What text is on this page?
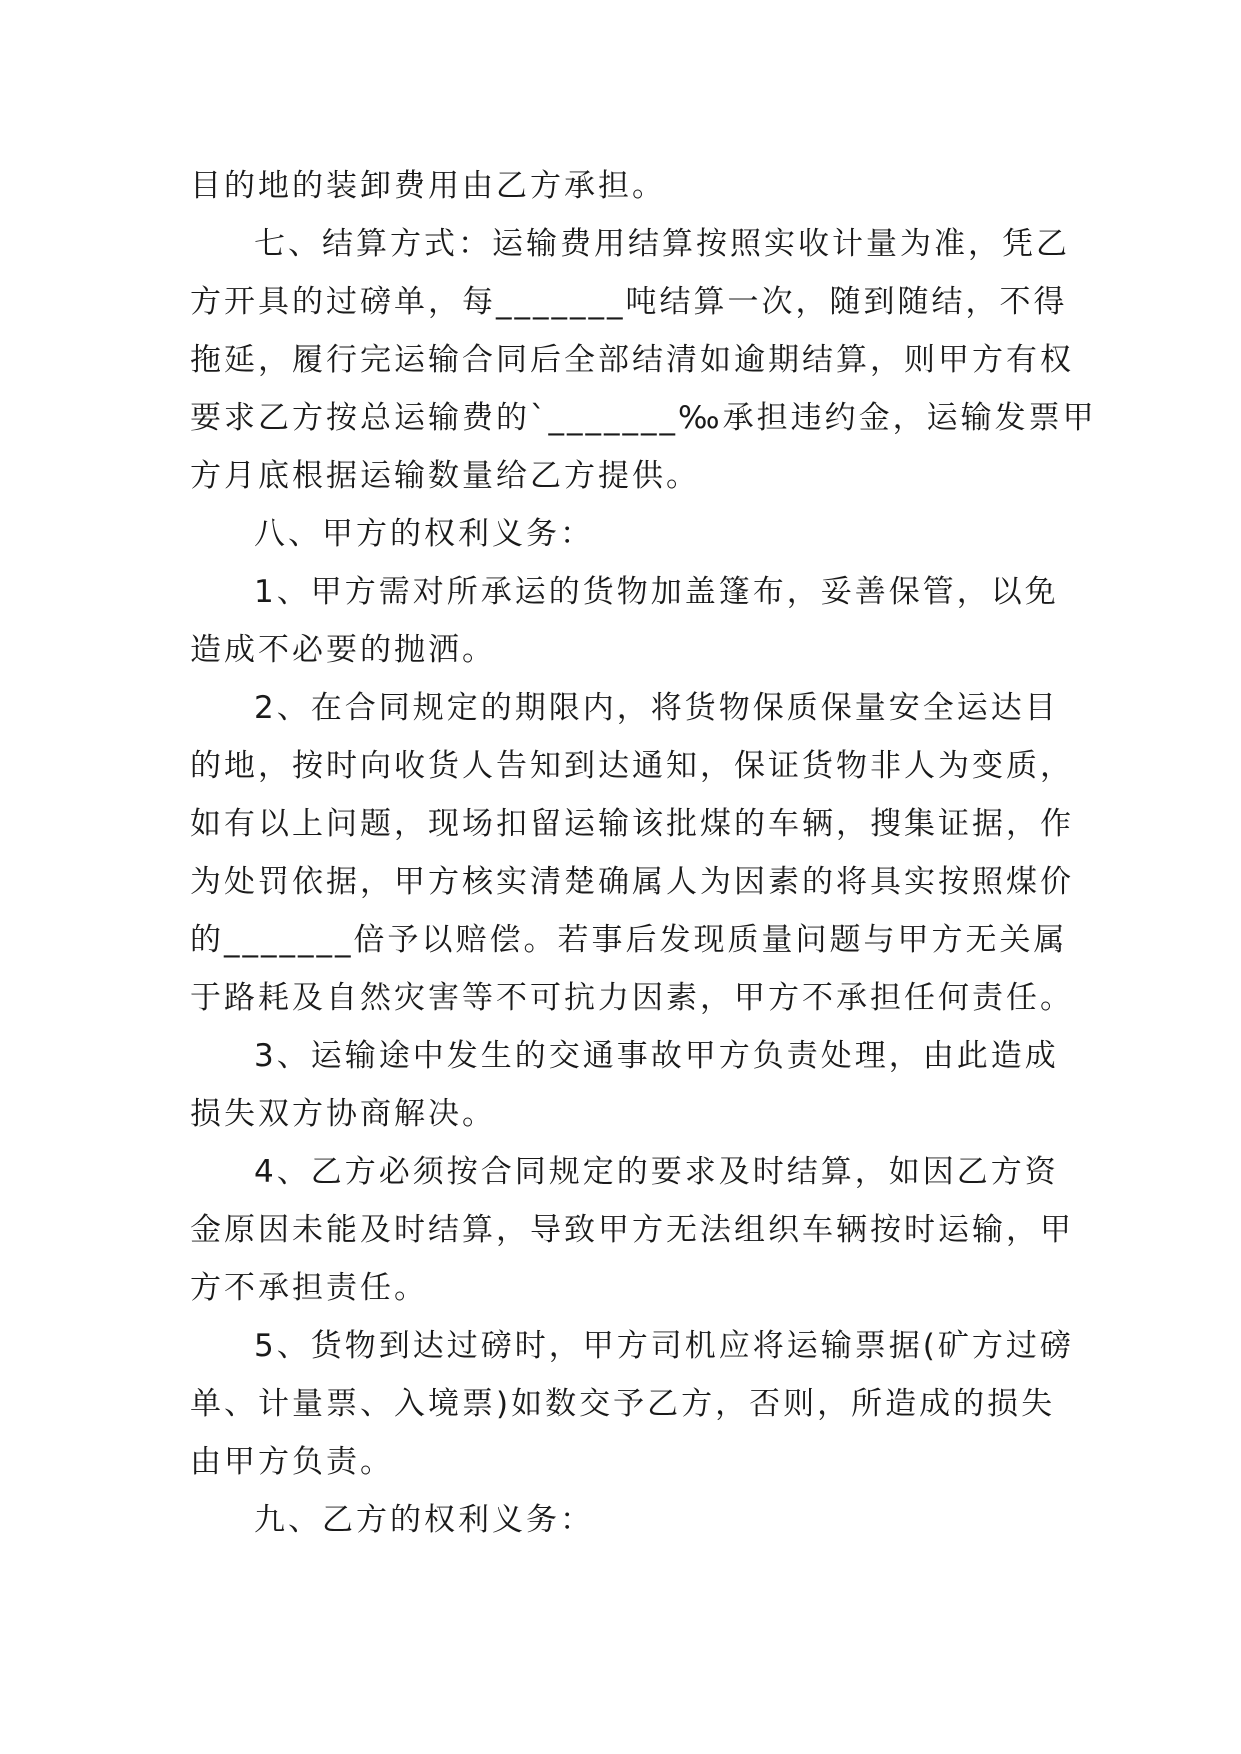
目的地的装卸费用由乙方承担。
七、结算方式：运输费用结算按照实收计量为准，凭乙
方开具的过磅单，每_______吨结算一次，随到随结，不得
拖延，履行完运输合同后全部结清如逾期结算，则甲方有权
要求乙方按总运输费的`_______‰承担违约金，运输发票甲
方月底根据运输数量给乙方提供。
八、甲方的权利义务：
1、甲方需对所承运的货物加盖篷布，妥善保管，以免
造成不必要的抛洒。
2、在合同规定的期限内，将货物保质保量安全运达目
的地，按时向收货人告知到达通知，保证货物非人为变质，
如有以上问题，现场扣留运输该批煤的车辆，搜集证据，作
为处罚依据，甲方核实清楚确属人为因素的将具实按照煤价
的_______倍予以赔偿。若事后发现质量问题与甲方无关属
于路耗及自然灾害等不可抗力因素，甲方不承担任何责任。
3、运输途中发生的交通事故甲方负责处理，由此造成
损失双方协商解决。
4、乙方必须按合同规定的要求及时结算，如因乙方资
金原因未能及时结算，导致甲方无法组织车辆按时运输，甲
方不承担责任。
5、货物到达过磅时，甲方司机应将运输票据(矿方过磅
单、计量票、入境票)如数交予乙方，否则，所造成的损失
由甲方负责。
九、乙方的权利义务：
